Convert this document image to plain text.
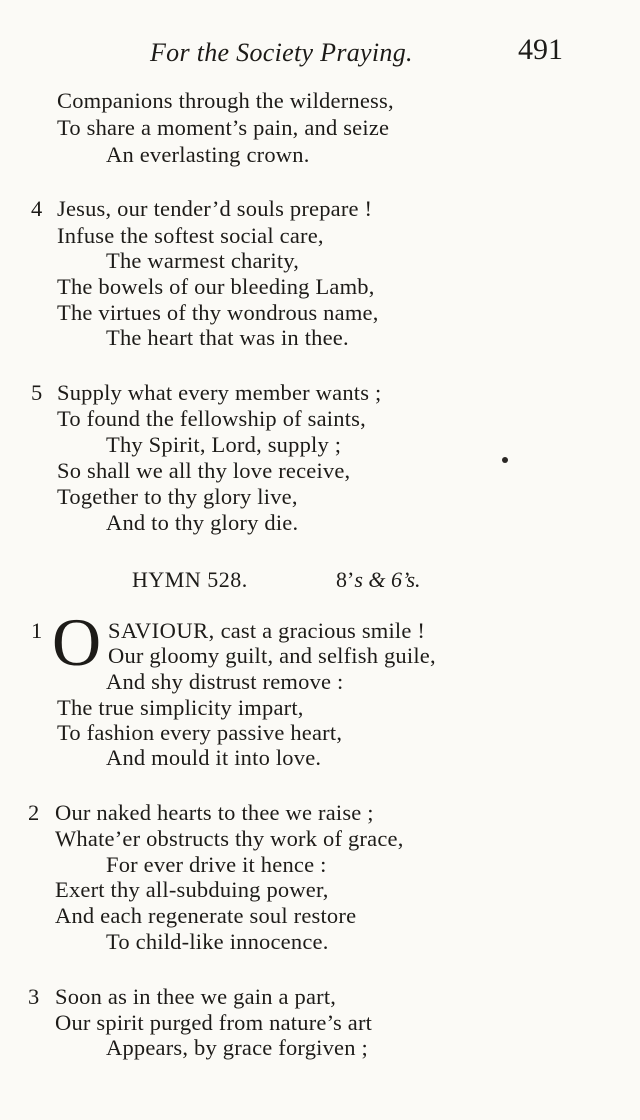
For the Society Praying.	491
Companions through the wilderness,
To share a moment’s pain, and seize
An everlasting crown.
4 Jesus, our tender’d souls prepare !
Infuse the softest social care,
The warmest charity,
The bowels of our bleeding Lamb,
The virtues of thy wondrous name,
The heart that was in thee.
5 Supply what every member wants ;
To found the fellowship of saints,
Thy Spirit, Lord, supply ;
So shall we all thy love receive,
Together to thy glory live,
And to thy glory die.
HYMN 528.	8’s & 6’s.
1 O SAVIOUR, cast a gracious smile !
Our gloomy guilt, and selfish guile,
And shy distrust remove :
The true simplicity impart,
To fashion every passive heart,
And mould it into love.
2 Our naked hearts to thee we raise ;
Whate’er obstructs thy work of grace,
For ever drive it hence :
Exert thy all-subduing power,
And each regenerate soul restore
To child-like innocence.
3 Soon as in thee we gain a part,
Our spirit purged from nature’s art
Appears, by grace forgiven ;
